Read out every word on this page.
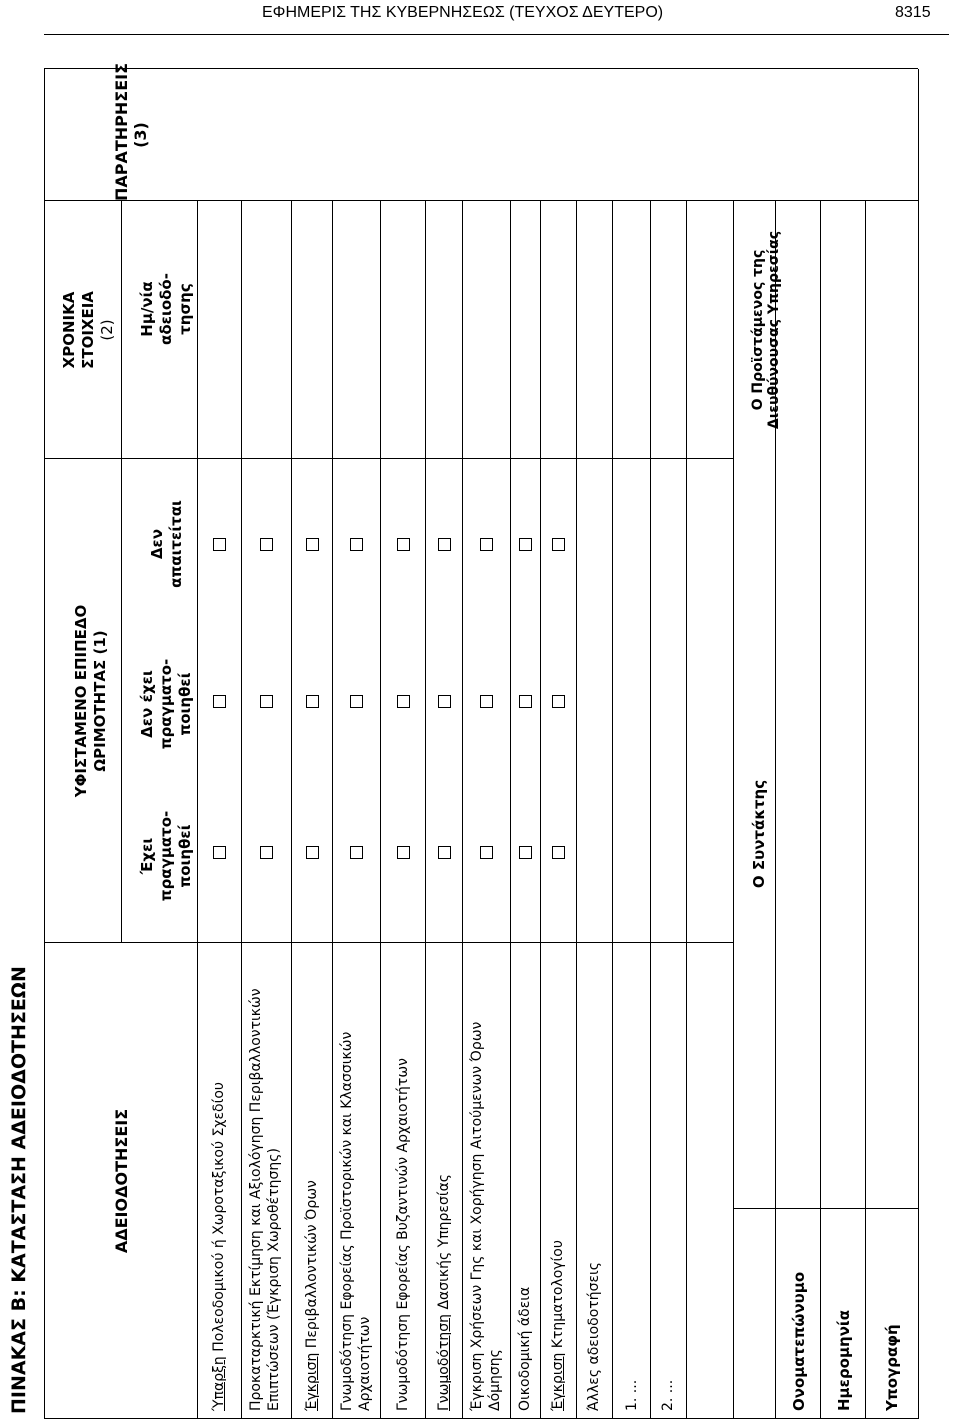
ΕΦΗΜΕΡΙΣ ΤΗΣ ΚΥΒΕΡΝΗΣΕΩΣ (ΤΕΥΧΟΣ ΔΕΥΤΕΡΟ)	8315
ΠΙΝΑΚΑΣ Β: ΚΑΤΑΣΤΑΣΗ ΑΔΕΙΟΔΟΤΗΣΕΩΝ	ΑΔΕΙΟΔΟΤΗΣΕΙΣ
ΥΦΙΣΤΑΜΕΝΟ ΕΠΙΠΕΔΟ ΩΡΙΜΟΤΗΤΑΣ (1)
Έχει πραγματο- ποιηθεί
Δεν έχει πραγματο- ποιηθεί
Δεν απαιτείται
ΧΡΟΝΙΚΑ ΣΤΟΙΧΕΙΑ (2) Ημ/νία αδειοδό- τησης
ΠΑΡΑΤΗΡΗΣΕΙΣ (3)
Ύπαρξη Πολεοδομικού ή Χωροταξικού Σχεδίου Προκαταρκτική Εκτίμηση και Αξιολόγηση Περιβαλλοντικών Επιπτώσεων (Έγκριση Χωροθέτησης) Έγκριση Περιβαλλοντικών Όρων Γνωμοδότηση Εφορείας Προϊστορικών και Κλασσικών Αρχαιοτήτων Γνωμοδότηση Εφορείας Βυζαντινών Αρχαιοτήτων Γνωμοδότηση Δασικής Υπηρεσίας Έγκριση Χρήσεων Γης και Χορήγηση Αιτούμενων Όρων Δόμησης Οικοδομική άδεια Έγκριση Κτηματολογίου Άλλες αδειοδοτήσεις 1. ... 2. ...
Ο Συντάκτης
Ο Προϊστάμενος της Διευθύνουσας Υπηρεσίας
Ονοματεπώνυμο Ημερομηνία Υπογραφή
